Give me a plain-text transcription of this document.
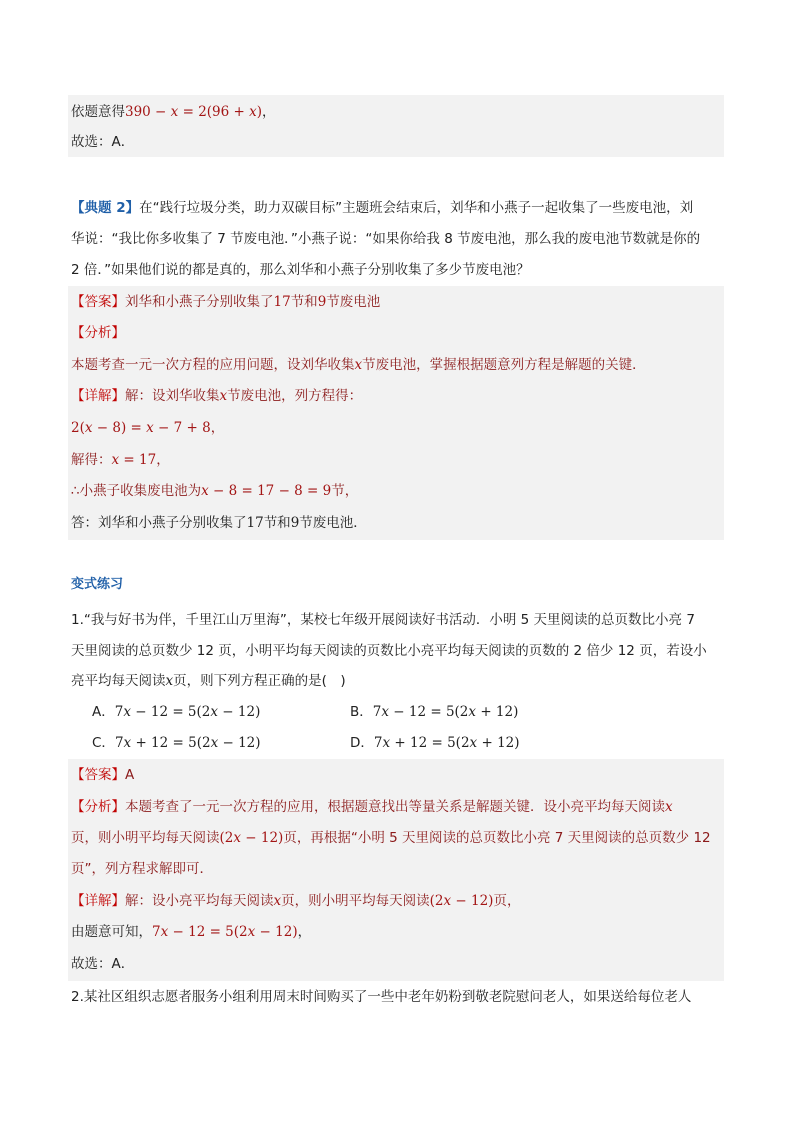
依题意得390 − x = 2(96 + x)，
故选：A．
【典题 2】在“践行垃圾分类，助力双碳目标”主题班会结束后，刘华和小燕子一起收集了一些废电池，刘
华说：“我比你多收集了 7 节废电池．”小燕子说：“如果你给我 8 节废电池，那么我的废电池节数就是你的
2 倍．”如果他们说的都是真的，那么刘华和小燕子分别收集了多少节废电池？
【答案】刘华和小燕子分别收集了17节和9节废电池
【分析】
本题考查一元一次方程的应用问题，设刘华收集x节废电池，掌握根据题意列方程是解题的关键．
【详解】解：设刘华收集x节废电池，列方程得：
2(x − 8) = x − 7 + 8，
解得：x = 17，
∴小燕子收集废电池为x − 8 = 17 − 8 = 9节，
答：刘华和小燕子分别收集了17节和9节废电池．
变式练习
1.“我与好书为伴，千里江山万里海”，某校七年级开展阅读好书活动．小明 5 天里阅读的总页数比小亮 7
天里阅读的总页数少 12 页，小明平均每天阅读的页数比小亮平均每天阅读的页数的 2 倍少 12 页，若设小
亮平均每天阅读x页，则下列方程正确的是(　)
A．7x − 12 = 5(2x − 12)	B．7x − 12 = 5(2x + 12)
C．7x + 12 = 5(2x − 12)	D．7x + 12 = 5(2x + 12)
【答案】A
【分析】本题考查了一元一次方程的应用，根据题意找出等量关系是解题关键．设小亮平均每天阅读x
页，则小明平均每天阅读(2x − 12)页，再根据“小明 5 天里阅读的总页数比小亮 7 天里阅读的总页数少 12
页”，列方程求解即可．
【详解】解：设小亮平均每天阅读x页，则小明平均每天阅读(2x − 12)页，
由题意可知，7x − 12 = 5(2x − 12)，
故选：A．
2.某社区组织志愿者服务小组利用周末时间购买了一些中老年奶粉到敬老院慰问老人，如果送给每位老人
